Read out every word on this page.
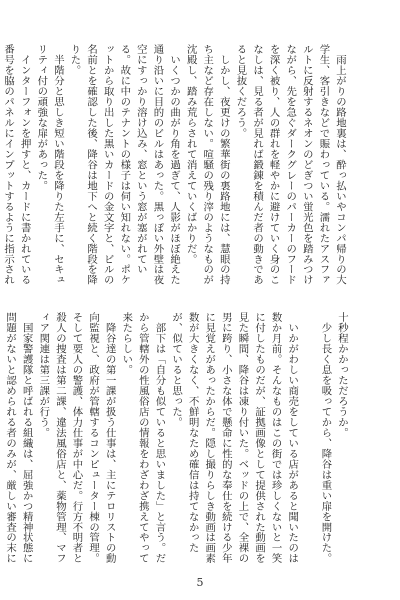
　雨上がりの路地裏は、酔っ払いやコンパ帰りの大学生、客引きなどで賑わっている。濡れたアスファルトに反射するネオンのどぎつい蛍光色を踏みつけながら、先を急ぐダークグレーのパーカーのフードを深く被り、人の群れを軽やかに避けていく身のこなしは、見る者が見れば鍛錬を積んだ者の動きであると見抜くだろう。

　しかし、夜更けの繁華街の裏路地には、慧眼の持ち主など存在しない。喧騒の残り滓のようなものが沈殿し、踏み荒らされて消えていくばかりだ。

　いくつかの曲がり角を過ぎて、人影がほぼ絶えた通り沿いに目的のビルはあった。黒っぽい外壁は夜空にすっかり溶け込み、窓という窓が塞がれている。故に中のテナントの様子は伺い知れない。ポケットから取り出した黒いカードの金文字と、ビルの名前とを確認した後、降谷は地下へと続く階段を降りた。

　半階分と思しき短い階段を降りた左手に、セキュリティ付の頑強な扉があった。

　インターフォンを押すと、カードに書かれている番号を脇のパネルにインプットするように指示され

十秒程かかっただろうか。

　少し長く息を吸ってから、降谷は重い扉を開けた。

　いかがわしい商売をしている店があると聞いたのは数か月前。そんなものはこの街では珍しくないと一笑に付したものだが、証拠画像として提供された動画を見た瞬間、降谷は凍り付いた。ベッドの上で、全裸の男に跨り、小さな体で懸命に性的な奉仕を続ける少年に見覚えがあったからだ。隠し撮りらしき動画は画素数が大きくなく、不鮮明なため確信は持てなかったが、似ていると思った。

　部下は「自分も似ていると思いました」と言う。だから管轄外の性風俗店の情報をわざわざ携えてやって来たらしい。

　降谷達の第一課が扱う仕事は、主にテロリストの動向監視と、政府が管轄するコンピューター棟の管理。そして要人の警護、体力仕事が中心だ。行方不明者と殺人の捜査は第二課、違法風俗店と、薬物管理、マフィア関連は第三課が行う。

　国家警護隊と呼ばれる組織は、屈強かつ精神状態に問題がないと認められる者のみが、厳しい審査の末に

5
